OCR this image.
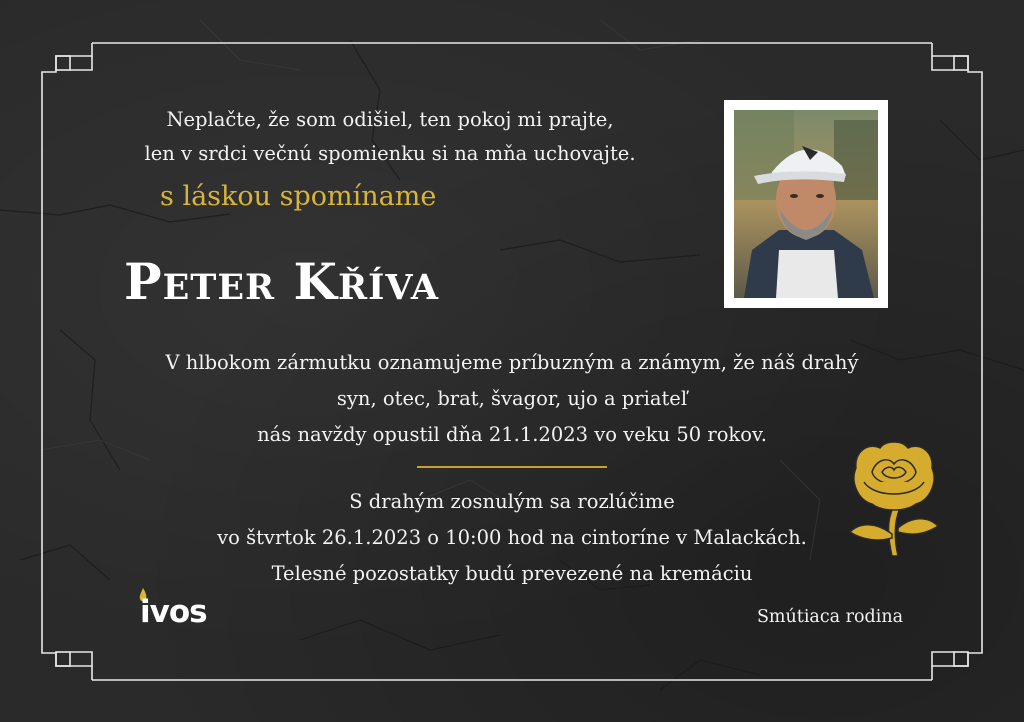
Neplačte, že som odišiel, ten pokoj mi prajte,
len v srdci večnú spomienku si na mňa uchovajte.

s láskou spomíname

Peter Kříva

V hlbokom zármutku oznamujeme príbuzným a známym, že náš drahý
syn, otec, brat, švagor, ujo a priateľ
nás navždy opustil dňa 21.1.2023 vo veku 50 rokov.

S drahým zosnulým sa rozlúčime
vo štvrtok 26.1.2023 o 10:00 hod na cintoríne v Malackách.
Telesné pozostatky budú prevezené na kremáciu

ivos	Smútiaca rodina
